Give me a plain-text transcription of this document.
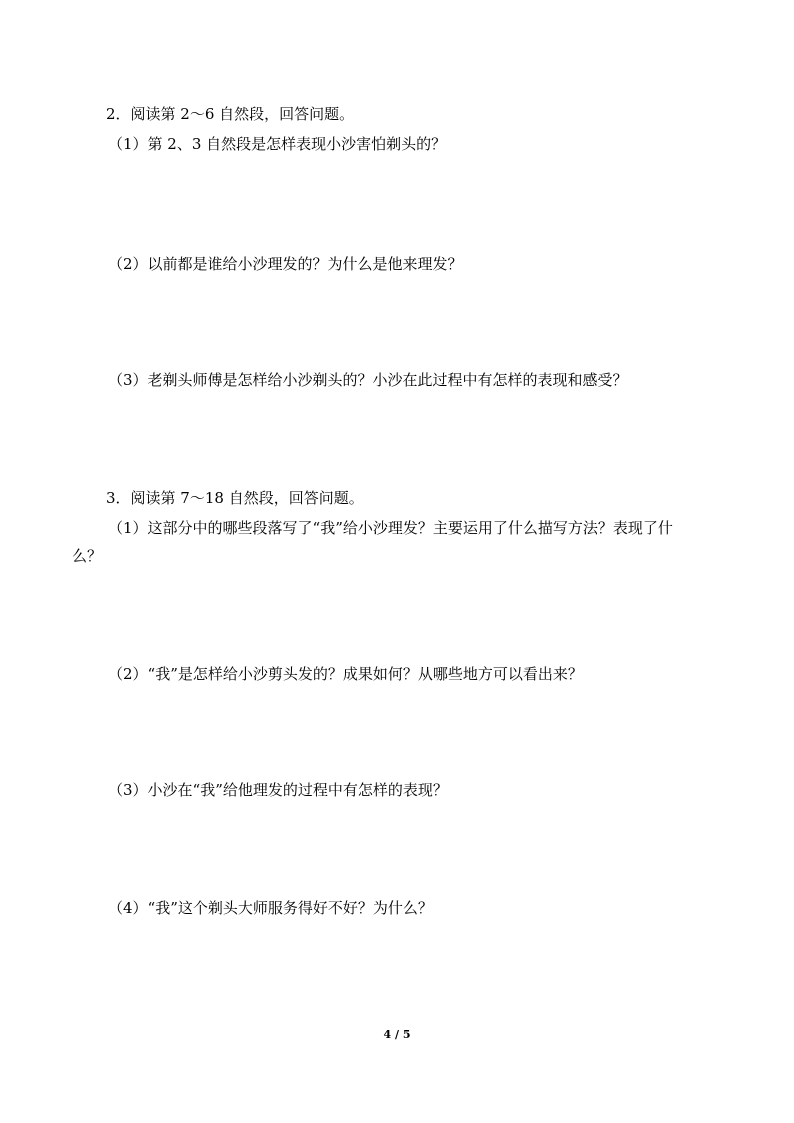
2．阅读第 2～6 自然段，回答问题。
（1）第 2、3 自然段是怎样表现小沙害怕剃头的？
（2）以前都是谁给小沙理发的？为什么是他来理发？
（3）老剃头师傅是怎样给小沙剃头的？小沙在此过程中有怎样的表现和感受？
3．阅读第 7～18 自然段，回答问题。
（1）这部分中的哪些段落写了“我”给小沙理发？主要运用了什么描写方法？表现了什
么？
（2）“我”是怎样给小沙剪头发的？成果如何？从哪些地方可以看出来？
（3）小沙在“我”给他理发的过程中有怎样的表现？
（4）“我”这个剃头大师服务得好不好？为什么？
4 / 5
